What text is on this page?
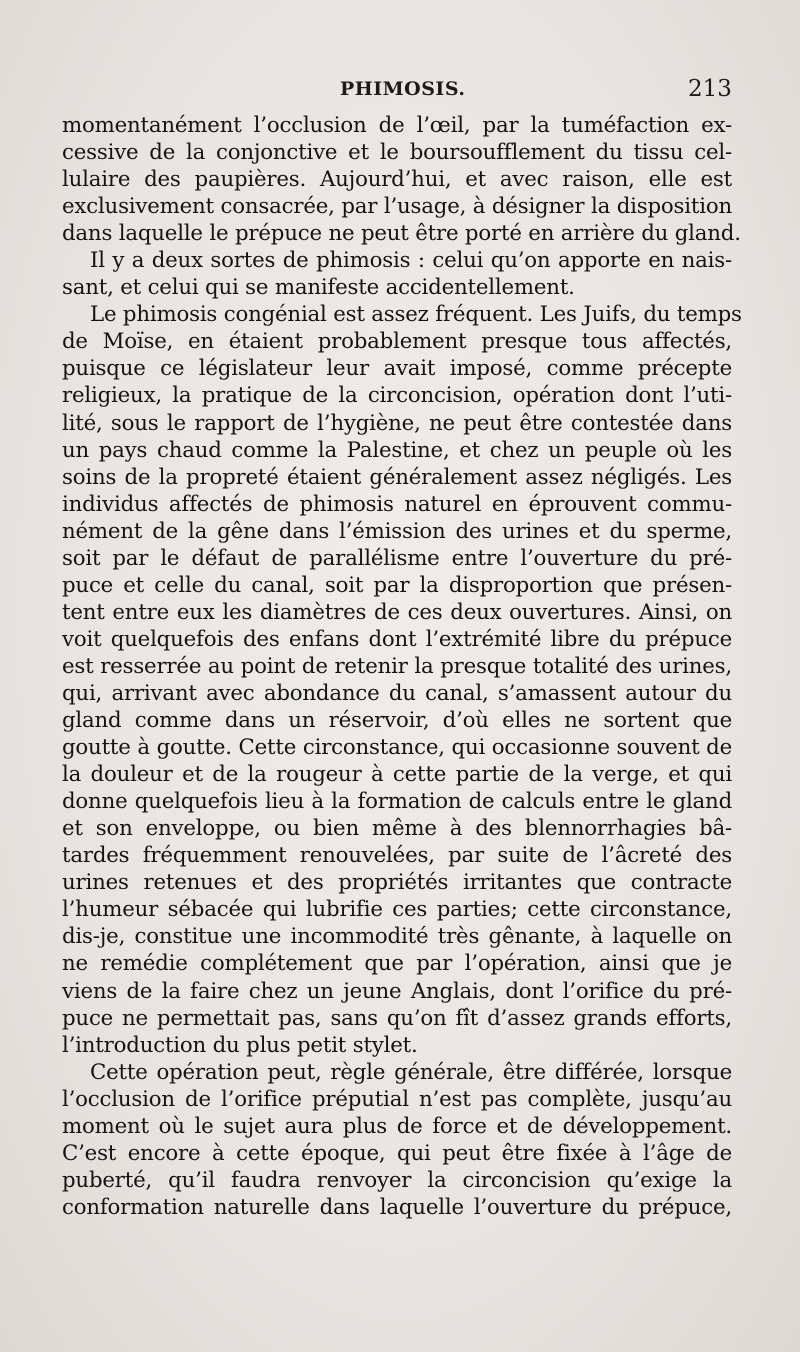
PHIMOSIS.	213
momentanément l’occlusion de l’œil, par la tuméfaction ex-
cessive de la conjonctive et le boursoufflement du tissu cel-
lulaire des paupières. Aujourd’hui, et avec raison, elle est
exclusivement consacrée, par l’usage, à désigner la disposition
dans laquelle le prépuce ne peut être porté en arrière du gland.
Il y a deux sortes de phimosis : celui qu’on apporte en nais-
sant, et celui qui se manifeste accidentellement.
Le phimosis congénial est assez fréquent. Les Juifs, du temps
de Moïse, en étaient probablement presque tous affectés,
puisque ce législateur leur avait imposé, comme précepte
religieux, la pratique de la circoncision, opération dont l’uti-
lité, sous le rapport de l’hygiène, ne peut être contestée dans
un pays chaud comme la Palestine, et chez un peuple où les
soins de la propreté étaient généralement assez négligés. Les
individus affectés de phimosis naturel en éprouvent commu-
nément de la gêne dans l’émission des urines et du sperme,
soit par le défaut de parallélisme entre l’ouverture du pré-
puce et celle du canal, soit par la disproportion que présen-
tent entre eux les diamètres de ces deux ouvertures. Ainsi, on
voit quelquefois des enfans dont l’extrémité libre du prépuce
est resserrée au point de retenir la presque totalité des urines,
qui, arrivant avec abondance du canal, s’amassent autour du
gland comme dans un réservoir, d’où elles ne sortent que
goutte à goutte. Cette circonstance, qui occasionne souvent de
la douleur et de la rougeur à cette partie de la verge, et qui
donne quelquefois lieu à la formation de calculs entre le gland
et son enveloppe, ou bien même à des blennorrhagies bâ-
tardes fréquemment renouvelées, par suite de l’âcreté des
urines retenues et des propriétés irritantes que contracte
l’humeur sébacée qui lubrifie ces parties; cette circonstance,
dis-je, constitue une incommodité très gênante, à laquelle on
ne remédie complétement que par l’opération, ainsi que je
viens de la faire chez un jeune Anglais, dont l’orifice du pré-
puce ne permettait pas, sans qu’on fît d’assez grands efforts,
l’introduction du plus petit stylet.
Cette opération peut, règle générale, être différée, lorsque
l’occlusion de l’orifice préputial n’est pas complète, jusqu’au
moment où le sujet aura plus de force et de développement.
C’est encore à cette époque, qui peut être fixée à l’âge de
puberté, qu’il faudra renvoyer la circoncision qu’exige la
conformation naturelle dans laquelle l’ouverture du prépuce,
